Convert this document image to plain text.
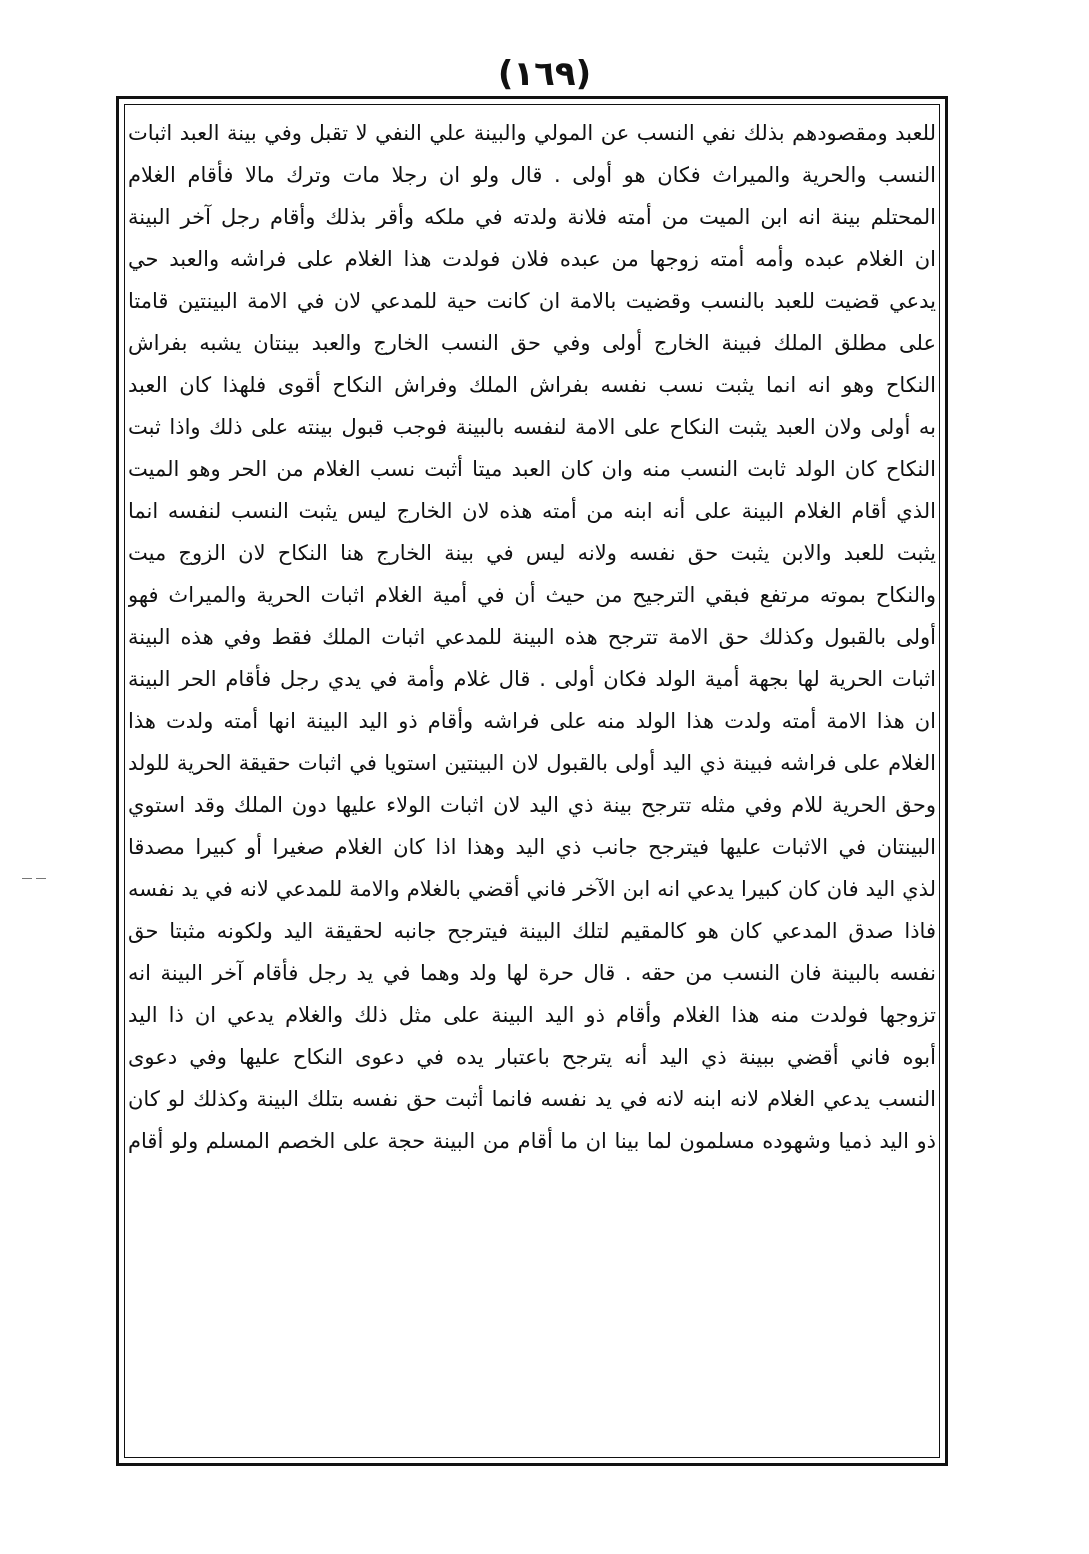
(١٦٩)
للعبد ومقصودهم بذلك نفي النسب عن المولي والبينة علي النفي لا تقبل وفي بينة العبد اثبات
النسب والحرية والميراث فكان هو أولى . قال ولو ان رجلا مات وترك مالا فأقام الغلام
المحتلم بينة انه ابن الميت من أمته فلانة ولدته في ملكه وأقر بذلك وأقام رجل آخر البينة
ان الغلام عبده وأمه أمته زوجها من عبده فلان فولدت هذا الغلام على فراشه والعبد حي
يدعي قضيت للعبد بالنسب وقضيت بالامة ان كانت حية للمدعي لان في الامة البينتين قامتا
على مطلق الملك فبينة الخارج أولى وفي حق النسب الخارج والعبد بينتان يشبه بفراش
النكاح وهو انه انما يثبت نسب نفسه بفراش الملك وفراش النكاح أقوى فلهذا كان العبد
به أولى ولان العبد يثبت النكاح على الامة لنفسه بالبينة فوجب قبول بينته على ذلك واذا ثبت
النكاح كان الولد ثابت النسب منه وان كان العبد ميتا أثبت نسب الغلام من الحر وهو الميت
الذي أقام الغلام البينة على أنه ابنه من أمته هذه لان الخارج ليس يثبت النسب لنفسه انما
يثبت للعبد والابن يثبت حق نفسه ولانه ليس في بينة الخارج هنا النكاح لان الزوج ميت
والنكاح بموته مرتفع فبقي الترجيح من حيث أن في أمية الغلام اثبات الحرية والميراث فهو
أولى بالقبول وكذلك حق الامة تترجح هذه البينة للمدعي اثبات الملك فقط وفي هذه البينة
اثبات الحرية لها بجهة أمية الولد فكان أولى . قال غلام وأمة في يدي رجل فأقام الحر البينة
ان هذا الامة أمته ولدت هذا الولد منه على فراشه وأقام ذو اليد البينة انها أمته ولدت هذا
الغلام على فراشه فبينة ذي اليد أولى بالقبول لان البينتين استويا في اثبات حقيقة الحرية للولد
وحق الحرية للام وفي مثله تترجح بينة ذي اليد لان اثبات الولاء عليها دون الملك وقد استوي
البينتان في الاثبات عليها فيترجح جانب ذي اليد وهذا اذا كان الغلام صغيرا أو كبيرا مصدقا
لذي اليد فان كان كبيرا يدعي انه ابن الآخر فاني أقضي بالغلام والامة للمدعي لانه في يد نفسه
فاذا صدق المدعي كان هو كالمقيم لتلك البينة فيترجح جانبه لحقيقة اليد ولكونه مثبتا حق
نفسه بالبينة فان النسب من حقه . قال حرة لها ولد وهما في يد رجل فأقام آخر البينة انه
تزوجها فولدت منه هذا الغلام وأقام ذو اليد البينة على مثل ذلك والغلام يدعي ان ذا اليد
أبوه فاني أقضي ببينة ذي اليد أنه يترجح باعتبار يده في دعوى النكاح عليها وفي دعوى
النسب يدعي الغلام لانه ابنه لانه في يد نفسه فانما أثبت حق نفسه بتلك البينة وكذلك لو كان
ذو اليد ذميا وشهوده مسلمون لما بينا ان ما أقام من البينة حجة على الخصم المسلم ولو أقام
